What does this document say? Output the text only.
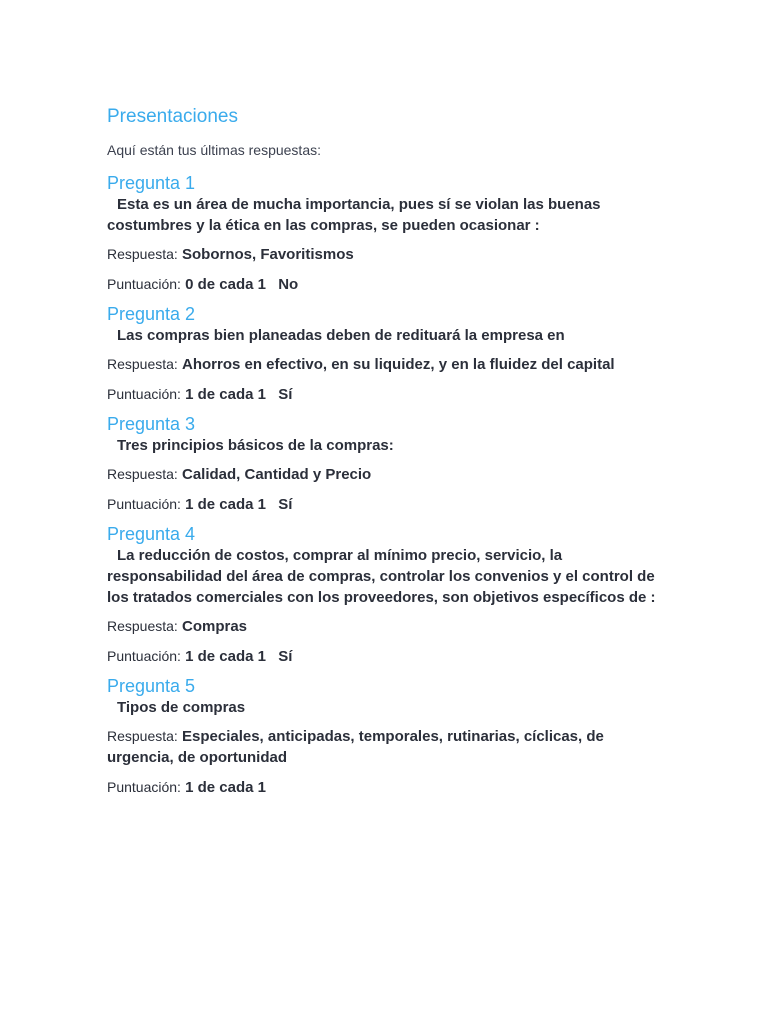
Presentaciones

Aquí están tus últimas respuestas:

Pregunta 1

Esta es un área de mucha importancia, pues sí se violan las buenas costumbres y la ética en las compras, se pueden ocasionar :

Respuesta: Sobornos, Favoritismos

Puntuación: 0 de cada 1 No

Pregunta 2

Las compras bien planeadas deben de redituará la empresa en

Respuesta: Ahorros en efectivo, en su liquidez, y en la fluidez del capital

Puntuación: 1 de cada 1 Sí

Pregunta 3

Tres principios básicos de la compras:

Respuesta: Calidad, Cantidad y Precio

Puntuación: 1 de cada 1 Sí

Pregunta 4

La reducción de costos, comprar al mínimo precio, servicio, la responsabilidad del área de compras, controlar los convenios y el control de los tratados comerciales con los proveedores, son objetivos específicos de :

Respuesta: Compras

Puntuación: 1 de cada 1 Sí

Pregunta 5

Tipos de compras

Respuesta: Especiales, anticipadas, temporales, rutinarias, cíclicas, de urgencia, de oportunidad

Puntuación: 1 de cada 1
